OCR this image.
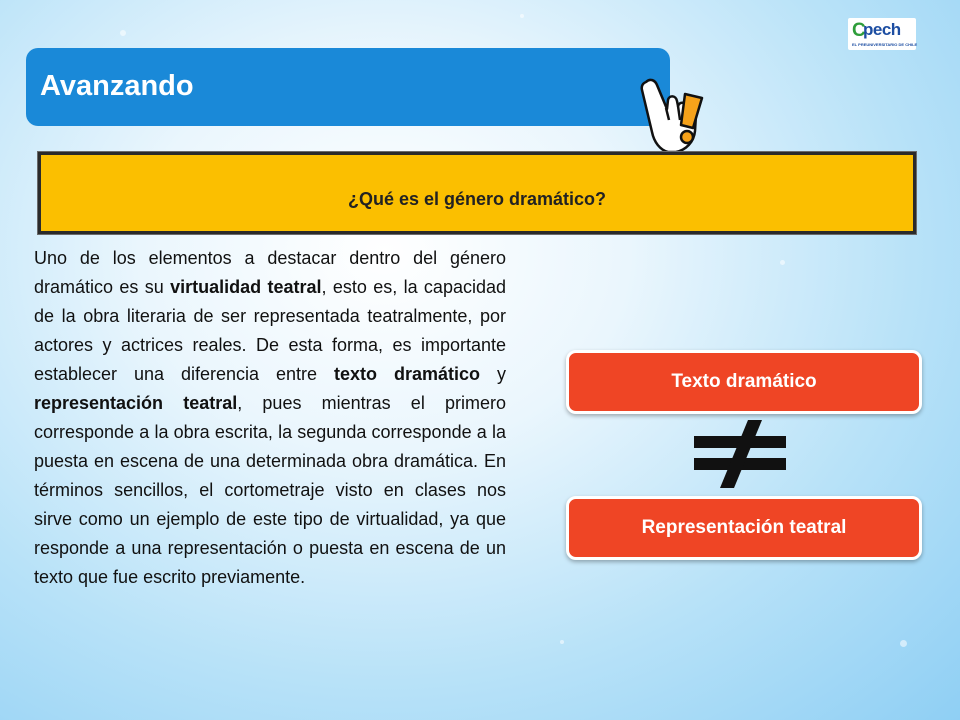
C
pech
EL PREUNIVERSITARIO DE CHILE
Avanzando
¿Qué es el género dramático?
Uno de los elementos a destacar dentro del género dramático es su virtualidad teatral, esto es, la capacidad de la obra literaria de ser representada teatralmente, por actores y actrices reales. De esta forma, es importante establecer una diferencia entre texto dramático y representación teatral, pues mientras el primero corresponde a la obra escrita, la segunda corresponde a la puesta en escena de una determinada obra dramática. En términos sencillos, el cortometraje visto en clases nos sirve como un ejemplo de este tipo de virtualidad, ya que responde a una representación o puesta en escena de un texto que fue escrito previamente.
Texto dramático
Representación teatral
